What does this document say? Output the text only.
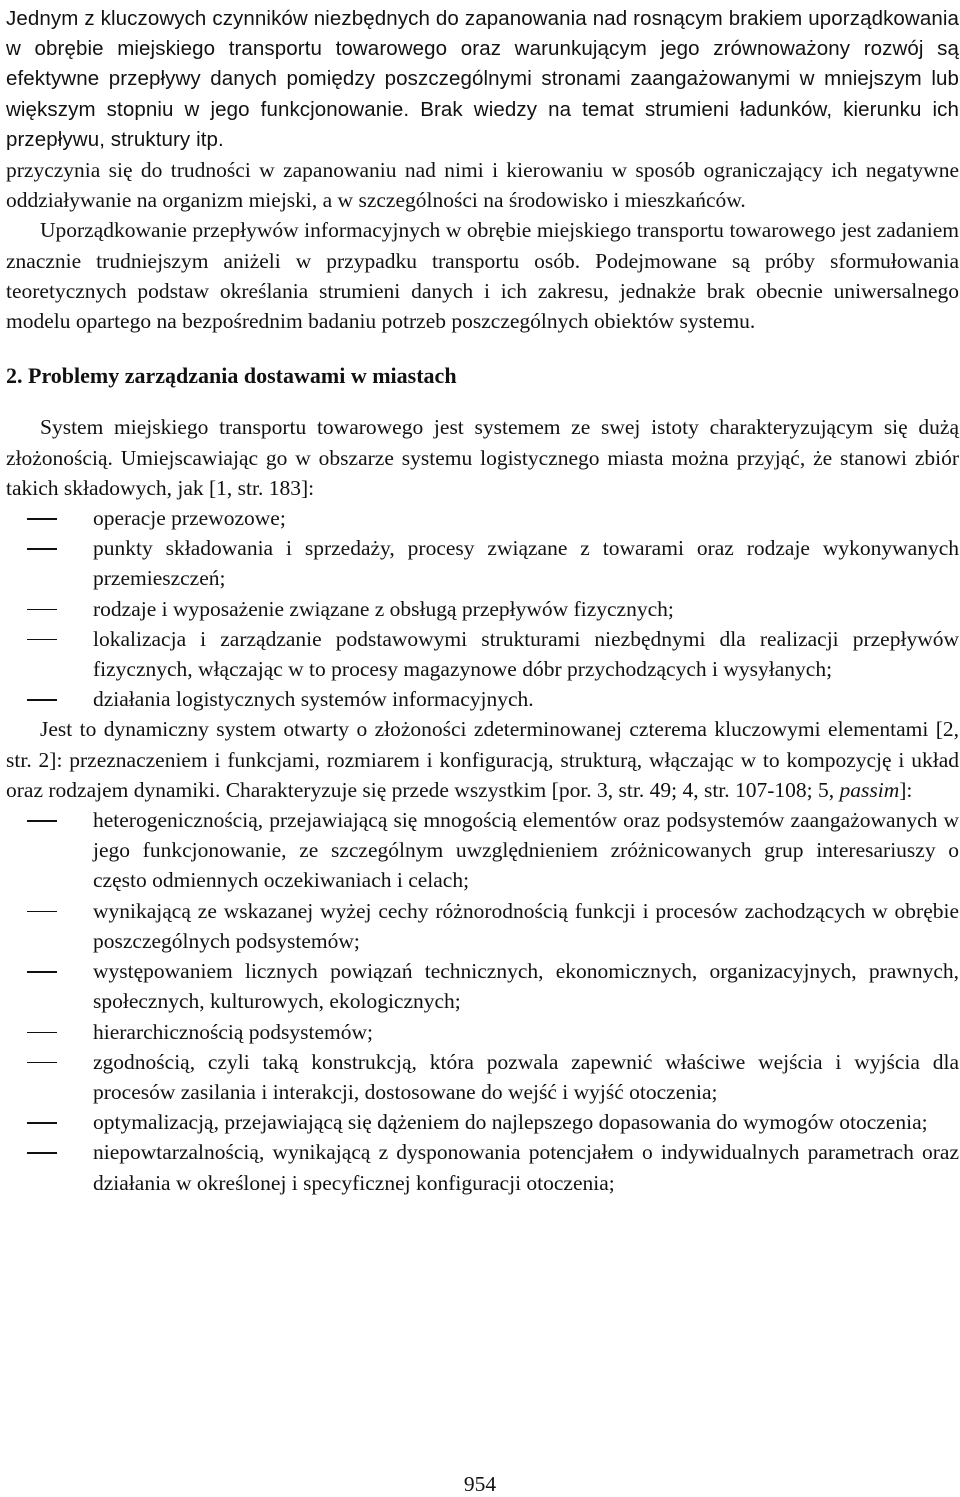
Jednym z kluczowych czynników niezbędnych do zapanowania nad rosnącym brakiem uporządkowania w obrębie miejskiego transportu towarowego oraz warunkującym jego zrównoważony rozwój są efektywne przepływy danych pomiędzy poszczególnymi stronami zaangażowanymi w mniejszym lub większym stopniu w jego funkcjonowanie. Brak wiedzy na temat strumieni ładunków, kierunku ich przepływu, struktury itp.

przyczynia się do trudności w zapanowaniu nad nimi i kierowaniu w sposób ograniczający ich negatywne oddziaływanie na organizm miejski, a w szczególności na środowisko i mieszkańców.

Uporządkowanie przepływów informacyjnych w obrębie miejskiego transportu towarowego jest zadaniem znacznie trudniejszym aniżeli w przypadku transportu osób. Podejmowane są próby sformułowania teoretycznych podstaw określania strumieni danych i ich zakresu, jednakże brak obecnie uniwersalnego modelu opartego na bezpośrednim badaniu potrzeb poszczególnych obiektów systemu.

2. Problemy zarządzania dostawami w miastach

System miejskiego transportu towarowego jest systemem ze swej istoty charakteryzującym się dużą złożonością. Umiejscawiając go w obszarze systemu logistycznego miasta można przyjąć, że stanowi zbiór takich składowych, jak [1, str. 183]:

operacje przewozowe;
punkty składowania i sprzedaży, procesy związane z towarami oraz rodzaje wykonywanych przemieszczeń;
rodzaje i wyposażenie związane z obsługą przepływów fizycznych;
lokalizacja i zarządzanie podstawowymi strukturami niezbędnymi dla realizacji przepływów fizycznych, włączając w to procesy magazynowe dóbr przychodzących i wysyłanych;
działania logistycznych systemów informacyjnych.

Jest to dynamiczny system otwarty o złożoności zdeterminowanej czterema kluczowymi elementami [2, str. 2]: przeznaczeniem i funkcjami, rozmiarem i konfiguracją, strukturą, włączając w to kompozycję i układ oraz rodzajem dynamiki. Charakteryzuje się przede wszystkim [por. 3, str. 49; 4, str. 107-108; 5, passim]:

heterogenicznością, przejawiającą się mnogością elementów oraz podsystemów zaangażowanych w jego funkcjonowanie, ze szczególnym uwzględnieniem zróżnicowanych grup interesariuszy o często odmiennych oczekiwaniach i celach;
wynikającą ze wskazanej wyżej cechy różnorodnością funkcji i procesów zachodzących w obrębie poszczególnych podsystemów;
występowaniem licznych powiązań technicznych, ekonomicznych, organizacyjnych, prawnych, społecznych, kulturowych, ekologicznych;
hierarchicznością podsystemów;
zgodnością, czyli taką konstrukcją, która pozwala zapewnić właściwe wejścia i wyjścia dla procesów zasilania i interakcji, dostosowane do wejść i wyjść otoczenia;
optymalizacją, przejawiającą się dążeniem do najlepszego dopasowania do wymogów otoczenia;
niepowtarzalnością, wynikającą z dysponowania potencjałem o indywidualnych parametrach oraz działania w określonej i specyficznej konfiguracji otoczenia;
954
